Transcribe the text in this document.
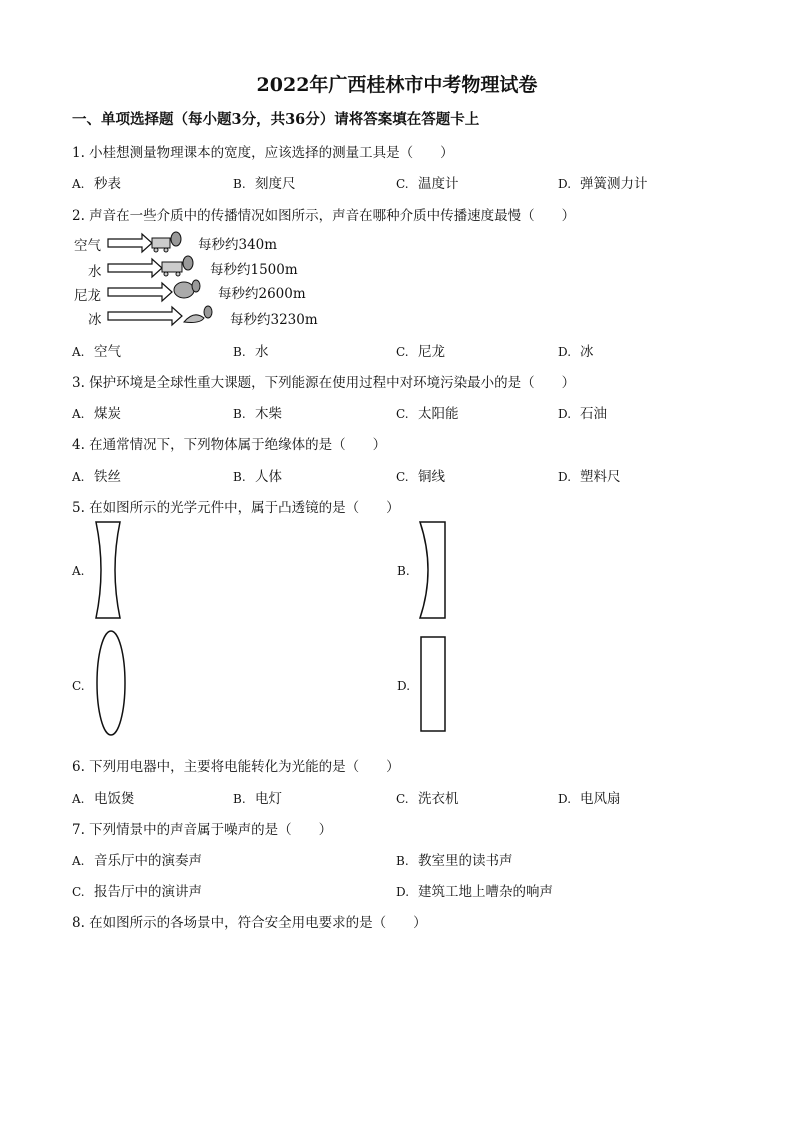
2022年广西桂林市中考物理试卷
一、单项选择题（每小题3分，共36分）请将答案填在答题卡上
1. 小桂想测量物理课本的宽度，应该选择的测量工具是（　　）
A. 秒表	B. 刻度尺	C. 温度计	D. 弹簧测力计
2. 声音在一些介质中的传播情况如图所示，声音在哪种介质中传播速度最慢（　　）
空气
水
尼龙
冰
每秒约340m
每秒约1500m
每秒约2600m
每秒约3230m
A. 空气	B. 水	C. 尼龙	D. 冰
3. 保护环境是全球性重大课题，下列能源在使用过程中对环境污染最小的是（　　）
A. 煤炭	B. 木柴	C. 太阳能	D. 石油
4. 在通常情况下，下列物体属于绝缘体的是（　　）
A. 铁丝	B. 人体	C. 铜线	D. 塑料尺
5. 在如图所示的光学元件中，属于凸透镜的是（　　）
A.	B.
C.	D.
6. 下列用电器中，主要将电能转化为光能的是（　　）
A. 电饭煲	B. 电灯	C. 洗衣机	D. 电风扇
7. 下列情景中的声音属于噪声的是（　　）
A. 音乐厅中的演奏声	B. 教室里的读书声
C. 报告厅中的演讲声	D. 建筑工地上嘈杂的响声
8. 在如图所示的各场景中，符合安全用电要求的是（　　）
